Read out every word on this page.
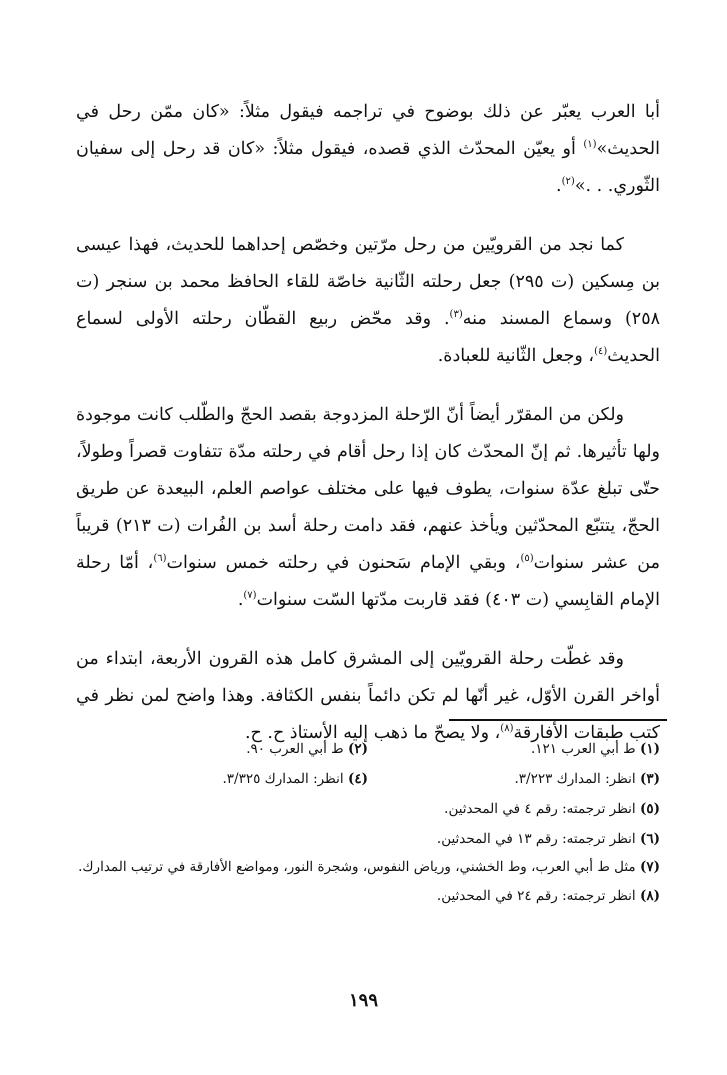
أبا العرب يعبّر عن ذلك بوضوح في تراجمه فيقول مثلاً: «كان ممّن رحل في الحديث»$^{(١)}$ أو يعيّن المحدّث الذي قصده، فيقول مثلاً: «كان قد رحل إلى سفيان الثّوري. . .»$^{(٢)}$.

كما نجد من القرويّين من رحل مرّتين وخصّص إحداهما للحديث، فهذا عيسى بن مِسكين (ت ٢٩٥) جعل رحلته الثّانية خاصّة للقاء الحافظ محمد بن سنجر (ت ٢٥٨) وسماع المسند منه$^{(٣)}$. وقد محّض ربيع القطّان رحلته الأولى لسماع الحديث$^{(٤)}$، وجعل الثّانية للعبادة.

ولكن من المقرّر أيضاً أنّ الرّحلة المزدوجة بقصد الحجّ والطّلب كانت موجودة ولها تأثيرها. ثم إنّ المحدّث كان إذا رحل أقام في رحلته مدّة تتفاوت قصراً وطولاً، حتّى تبلغ عدّة سنوات، يطوف فيها على مختلف عواصم العلم، البيعدة عن طريق الحجّ، يتتبّع المحدّثين ويأخذ عنهم، فقد دامت رحلة أسد بن الفُرات (ت ٢١٣) قريباً من عشر سنوات$^{(٥)}$، وبقي الإمام سَحنون في رحلته خمس سنوات$^{(٦)}$، أمّا رحلة الإمام القابِسي (ت ٤٠٣) فقد قاربت مدّتها السّت سنوات$^{(٧)}$.

وقد غطّت رحلة القرويّين إلى المشرق كامل هذه القرون الأربعة، ابتداء من أواخر القرن الأوّل، غير أنّها لم تكن دائماً بنفس الكثافة. وهذا واضح لمن نظر في كتب طبقات الأفارقة$^{(٨)}$، ولا يصحّ ما ذهب إليه الأستاذ ح. ح.

(١) ط أبي العرب ١٢١.
(٢) ط أبي العرب ٩٠.
(٣) انظر: المدارك ٣/٢٢٣.
(٤) انظر: المدارك ٣/٣٢٥.
(٥) انظر ترجمته: رقم ٤ في المحدثين.
(٦) انظر ترجمته: رقم ١٣ في المحدثين.
(٧) مثل ط أبي العرب، وط الخشني، ورياض النفوس، وشجرة النور، ومواضع الأفارقة في ترتيب المدارك.
(٨) انظر ترجمته: رقم ٢٤ في المحدثين.
١٩٩
